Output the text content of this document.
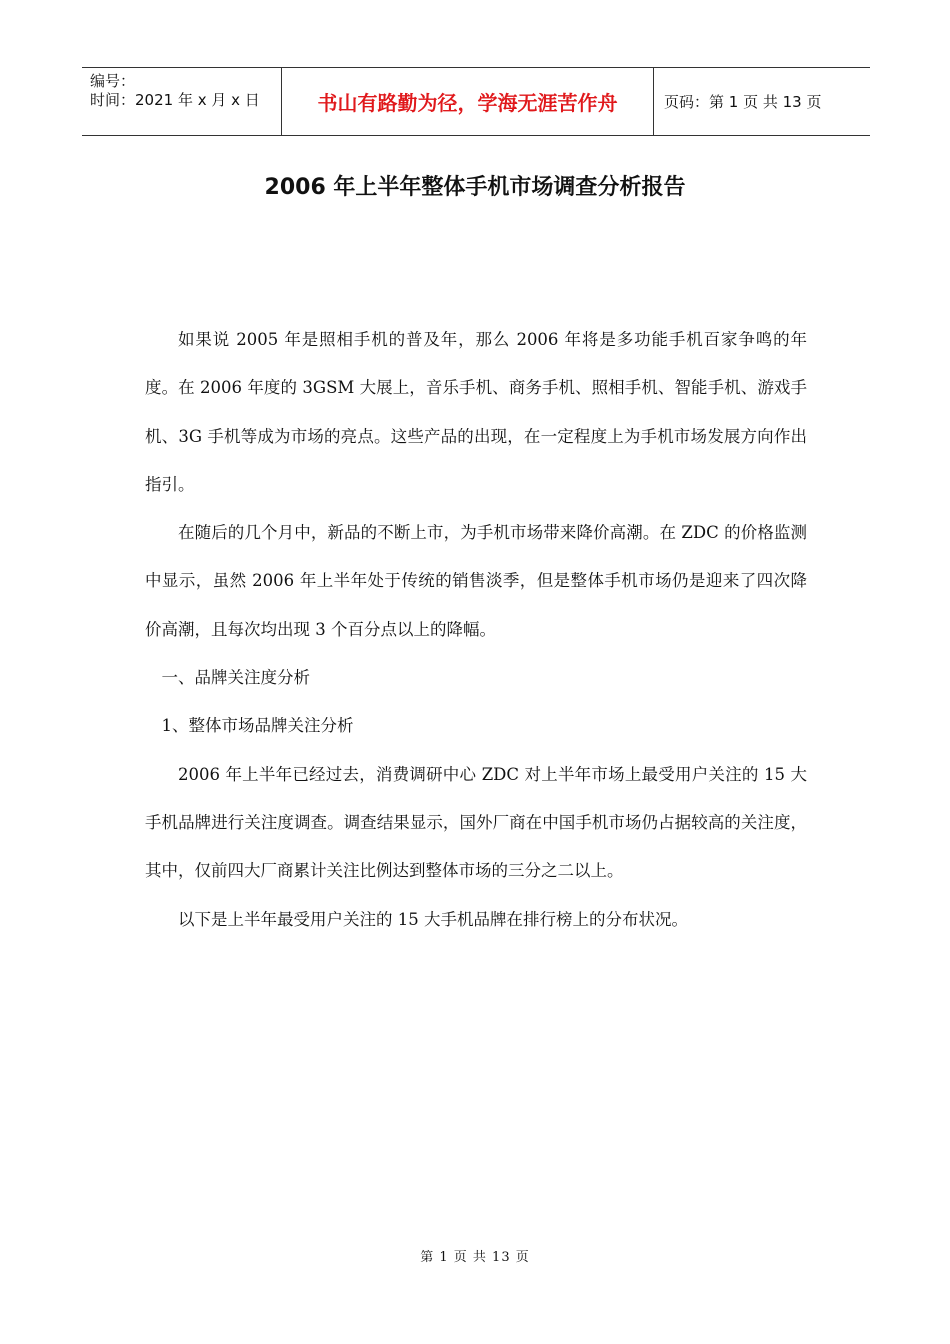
编号：
时间：2021 年 x 月 x 日	书山有路勤为径，学海无涯苦作舟	页码：第 1 页 共 13 页
2006 年上半年整体手机市场调查分析报告

如果说 2005 年是照相手机的普及年，那么 2006 年将是多功能手机百家争鸣的年度。在 2006 年度的 3GSM 大展上，音乐手机、商务手机、照相手机、智能手机、游戏手机、3G 手机等成为市场的亮点。这些产品的出现，在一定程度上为手机市场发展方向作出指引。

在随后的几个月中，新品的不断上市，为手机市场带来降价高潮。在 ZDC 的价格监测中显示，虽然 2006 年上半年处于传统的销售淡季，但是整体手机市场仍是迎来了四次降价高潮，且每次均出现 3 个百分点以上的降幅。

一、品牌关注度分析

1、整体市场品牌关注分析

2006 年上半年已经过去，消费调研中心 ZDC 对上半年市场上最受用户关注的 15 大手机品牌进行关注度调查。调查结果显示，国外厂商在中国手机市场仍占据较高的关注度，其中，仅前四大厂商累计关注比例达到整体市场的三分之二以上。

以下是上半年最受用户关注的 15 大手机品牌在排行榜上的分布状况。

第 1 页 共 13 页
